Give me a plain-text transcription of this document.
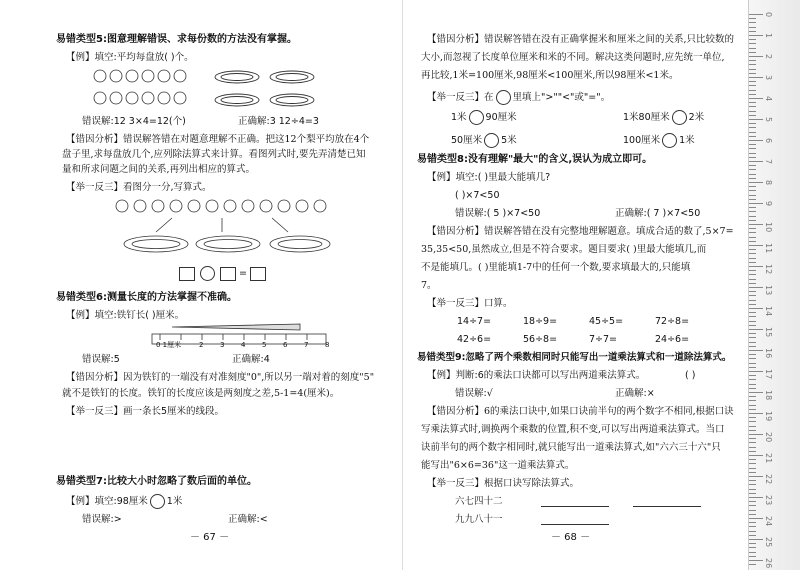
易错类型5:图意理解错误、求每份数的方法没有掌握。
【例】填空:平均每盘放( )个。
错误解:12 3×4=12(个)	正确解:3 12÷4=3
【错因分析】错误解答错在对题意理解不正确。把这12个梨平均放在4个
盘子里,求每盘放几个,应列除法算式来计算。看图列式时,要先弄清楚已知
量和所求问题之间的关系,再列出相应的算式。
【举一反三】看图分一分,写算式。
=
易错类型6:测量长度的方法掌握不准确。
【例】填空:铁钉长( )厘米。
0 1厘米	2 3 4 5 6 7 8
错误解:5	正确解:4
【错因分析】因为铁钉的一端没有对准刻度"0",所以另一端对着的刻度"5"
就不是铁钉的长度。铁钉的长度应该是两刻度之差,5-1=4(厘米)。
【举一反三】画一条长5厘米的线段。
易错类型7:比较大小时忽略了数后面的单位。
【例】填空:98厘米 1米
错误解:>	正确解:<
－ 67 －
【错因分析】错误解答错在没有正确掌握米和厘米之间的关系,只比较数的
大小,而忽视了长度单位厘米和米的不同。解决这类问题时,应先统一单位,
再比较,1米=100厘米,98厘米<100厘米,所以98厘米<1米。
【举一反三】在 里填上">""<"或"="。
1米 90厘米	1米80厘米 2米
50厘米 5米	100厘米 1米
易错类型8:没有理解"最大"的含义,误认为成立即可。
【例】填空:( )里最大能填几?
( )×7<50
错误解:( 5 )×7<50	正确解:( 7 )×7<50
【错因分析】错误解答错在没有完整地理解题意。填成合适的数了,5×7=
35,35<50,虽然成立,但是不符合要求。题目要求( )里最大能填几,而
不是能填几。( )里能填1-7中的任何一个数,要求填最大的,只能填
7。
【举一反三】口算。
14÷7=	18÷9=	45÷5=	72÷8=
42÷6=	56÷8=	7÷7=	24÷6=
易错类型9:忽略了两个乘数相同时只能写出一道乘法算式和一道除法算式。
【例】判断:6的乘法口诀都可以写出两道乘法算式。	( )
错误解:√	正确解:×
【错因分析】6的乘法口诀中,如果口诀前半句的两个数字不相同,根据口诀
写乘法算式时,调换两个乘数的位置,积不变,可以写出两道乘法算式。当口
诀前半句的两个数字相同时,就只能写出一道乘法算式,如"六六三十六"只
能写出"6×6=36"这一道乘法算式。
【举一反三】根据口诀写除法算式。
六七四十二
九九八十一
－ 68 －
0
1
2
3
4
5
6
7
8
9
10
11
12
13
14
15
16
17
18
19
20
21
22
23
24
25
26
